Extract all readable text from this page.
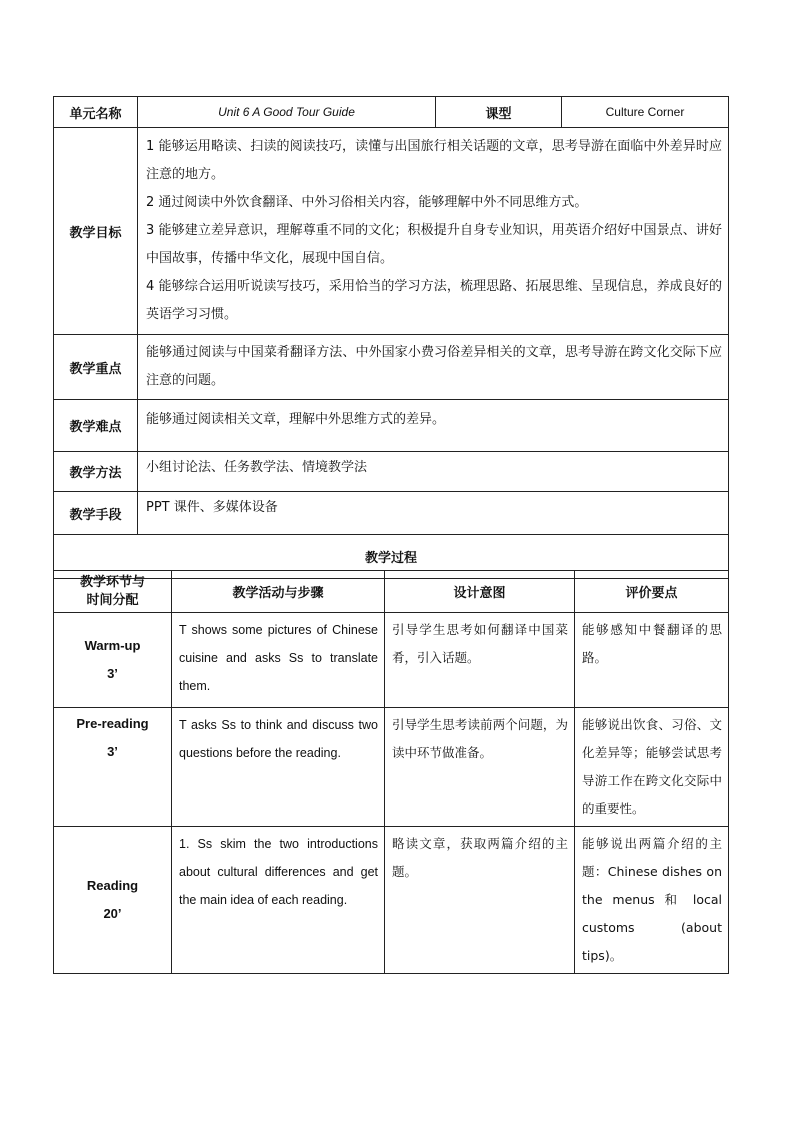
单元名称	Unit 6 A Good Tour Guide	课型	Culture Corner
教学目标	1 能够运用略读、扫读的阅读技巧，读懂与出国旅行相关话题的文章，思考导游在面临中外差异时应注意的地方。

2 通过阅读中外饮食翻译、中外习俗相关内容，能够理解中外不同思维方式。

3 能够建立差异意识，理解尊重不同的文化；积极提升自身专业知识，用英语介绍好中国景点、讲好中国故事，传播中华文化，展现中国自信。

4 能够综合运用听说读写技巧，采用恰当的学习方法，梳理思路、拓展思维、呈现信息，养成良好的英语学习习惯。		

教学重点	能够通过阅读与中国菜肴翻译方法、中外国家小费习俗差异相关的文章，思考导游在跨文化交际下应注意的问题。		
教学难点	能够通过阅读相关文章，理解中外思维方式的差异。		
教学方法	小组讨论法、任务教学法、情境教学法		
教学手段	PPT 课件、多媒体设备		
教学过程			
教学环节与
时间分配	教学活动与步骤	设计意图	评价要点

Warm-up
3’	T shows some pictures of Chinese cuisine and asks Ss to translate them.	引导学生思考如何翻译中国菜肴，引入话题。	能够感知中餐翻译的思路。

Pre-reading
3’	T asks Ss to think and discuss two questions before the reading.	引导学生思考读前两个问题，为读中环节做准备。	能够说出饮食、习俗、文化差异等；能够尝试思考导游工作在跨文化交际中的重要性。

Reading
20’	1. Ss skim the two introductions about cultural differences and get the main idea of each reading.	略读文章，获取两篇介绍的主题。	能够说出两篇介绍的主题：Chinese dishes on the menus 和 local customs (about tips)。
